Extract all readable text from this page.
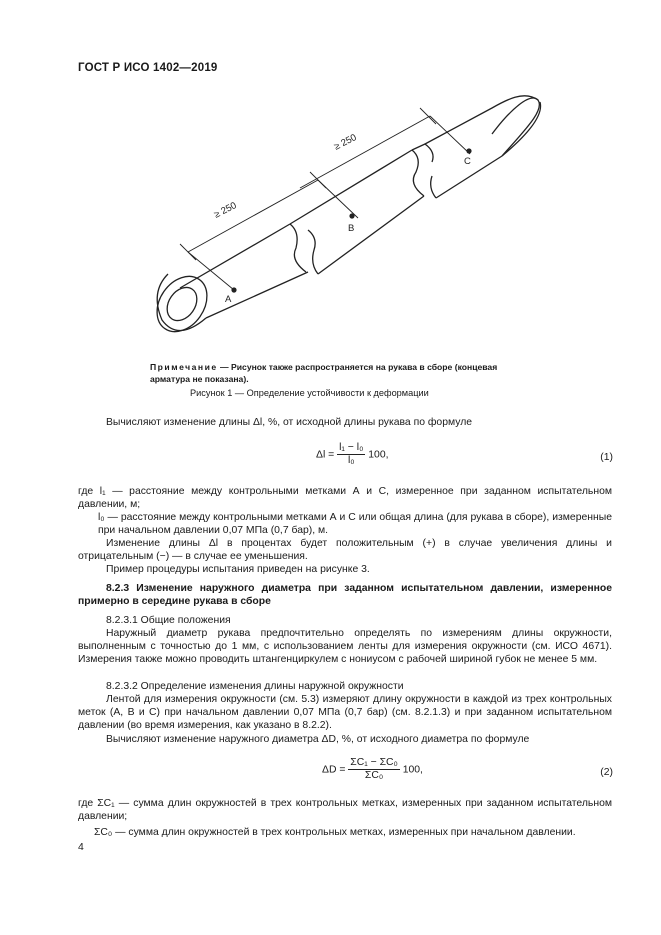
ГОСТ Р ИСО 1402—2019
≥ 250
≥ 250
A
B
C
Примечание — Рисунок также распространяется на рукава в сборе (концевая арматура не показана).
Рисунок 1 — Определение устойчивости к деформации

Вычисляют изменение длины Δl, %, от исходной длины рукава по формуле

$\Delta l = \frac{\text{l₁ − l₀}}{\text{l₀}} 100$,	(1)

где l₁ — расстояние между контрольными метками А и С, измеренное при заданном испытательном давлении, м;

l₀ — расстояние между контрольными метками А и С или общая длина (для рукава в сборе), измеренные при начальном давлении 0,07 МПа (0,7 бар), м.

Изменение длины Δl в процентах будет положительным (+) в случае увеличения длины и отрицательным (−) — в случае ее уменьшения.

Пример процедуры испытания приведен на рисунке 3.

8.2.3 Изменение наружного диаметра при заданном испытательном давлении, измеренное примерно в середине рукава в сборе

8.2.3.1 Общие положения

Наружный диаметр рукава предпочтительно определять по измерениям длины окружности, выполненным с точностью до 1 мм, с использованием ленты для измерения окружности (см. ИСО 4671). Измерения также можно проводить штангенциркулем с нониусом с рабочей шириной губок не менее 5 мм.

8.2.3.2 Определение изменения длины наружной окружности

Лентой для измерения окружности (см. 5.3) измеряют длину окружности в каждой из трех контрольных меток (А, В и С) при начальном давлении 0,07 МПа (0,7 бар) (см. 8.2.1.3) и при заданном испытательном давлении (во время измерения, как указано в 8.2.2).

Вычисляют изменение наружного диаметра ΔD, %, от исходного диаметра по формуле

$\Delta D = \frac{\text{ΣC₁ − ΣC₀}}{\text{ΣC₀}} 100$,	(2)

где ΣC₁ — сумма длин окружностей в трех контрольных метках, измеренных при заданном испытательном давлении;

ΣC₀ — сумма длин окружностей в трех контрольных метках, измеренных при начальном давлении.

4
